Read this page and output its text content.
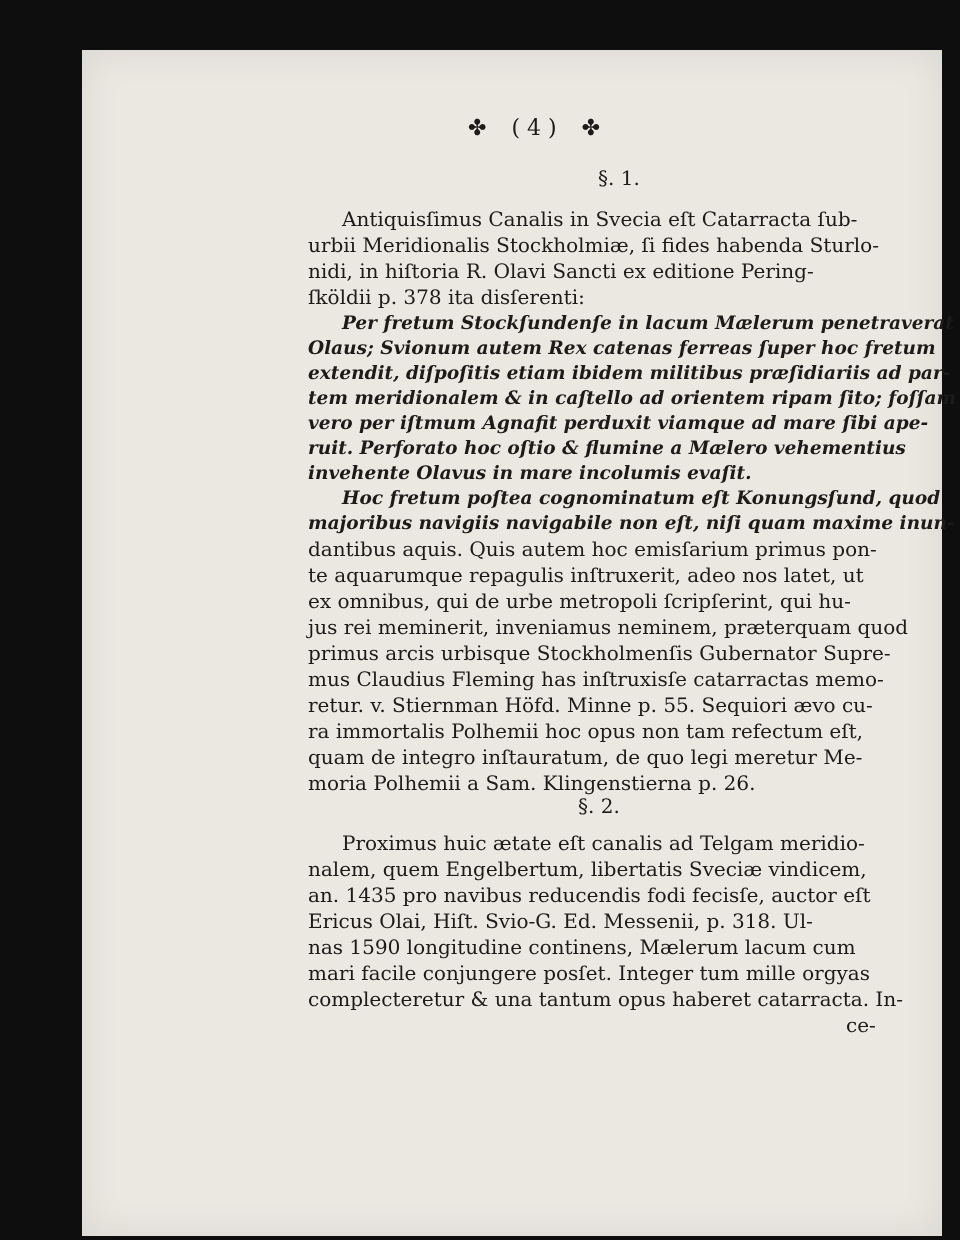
✤ ( 4 ) ✤
§. 1.
Antiquisſimus Canalis in Svecia eſt Catarracta ſub-
urbii Meridionalis Stockholmiæ, ſi fides habenda Sturlo-
nidi, in hiſtoria R. Olavi Sancti ex editione Pering-
ſköldii p. 378 ita disſerenti:
Per fretum Stockſundenſe in lacum Mælerum penetraverat
Olaus; Svionum autem Rex catenas ferreas ſuper hoc fretum
extendit, diſpoſitis etiam ibidem militibus præſidiariis ad par-
tem meridionalem & in caſtello ad orientem ripam ſito; foſſam
vero per iſtmum Agnafit perduxit viamque ad mare ſibi ape-
ruit. Perforato hoc oſtio & flumine a Mælero vehementius
invehente Olavus in mare incolumis evaſit.
Hoc fretum poſtea cognominatum eſt Konungsſund, quod
majoribus navigiis navigabile non eſt, niſi quam maxime inun-
dantibus aquis. Quis autem hoc emisſarium primus pon-
te aquarumque repagulis inſtruxerit, adeo nos latet, ut
ex omnibus, qui de urbe metropoli ſcripſerint, qui hu-
jus rei meminerit, inveniamus neminem, præterquam quod
primus arcis urbisque Stockholmenſis Gubernator Supre-
mus Claudius Fleming has inſtruxisſe catarractas memo-
retur. v. Stiernman Höfd. Minne p. 55. Sequiori ævo cu-
ra immortalis Polhemii hoc opus non tam refectum eſt,
quam de integro inſtauratum, de quo legi meretur Me-
moria Polhemii a Sam. Klingenstierna p. 26.
§. 2.
Proximus huic ætate eſt canalis ad Telgam meridio-
nalem, quem Engelbertum, libertatis Sveciæ vindicem,
an. 1435 pro navibus reducendis fodi fecisſe, auctor eſt
Ericus Olai, Hiſt. Svio-G. Ed. Messenii, p. 318. Ul-
nas 1590 longitudine continens, Mælerum lacum cum
mari facile conjungere posſet. Integer tum mille orgyas
complecteretur & una tantum opus haberet catarracta. In-
ce-
